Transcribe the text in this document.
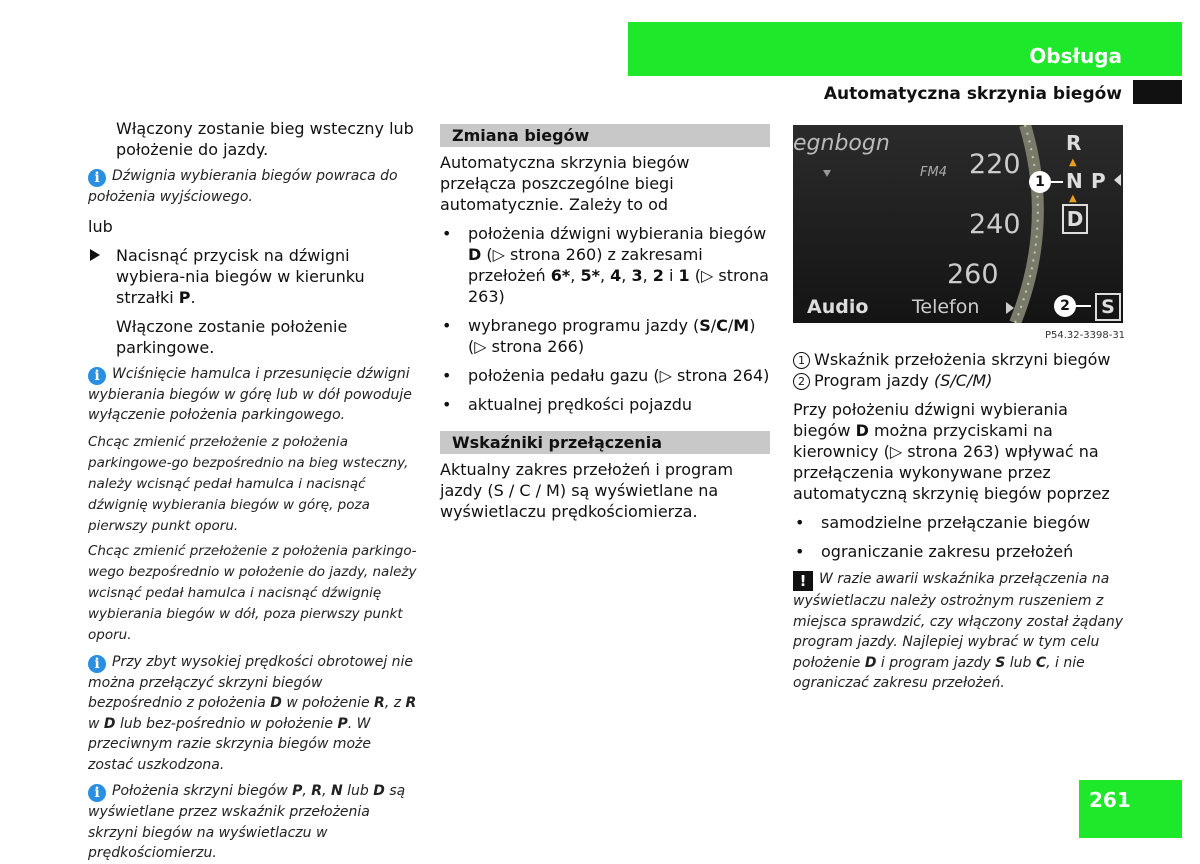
Obsługa
Automatyczna skrzynia biegów
Włączony zostanie bieg wsteczny lub położenie do jazdy.
i Dźwignia wybierania biegów powraca do położenia wyjściowego.
lub
Nacisnąć przycisk na dźwigni wybiera-nia biegów w kierunku strzałki P.
Włączone zostanie położenie parkingowe.
i Wciśnięcie hamulca i przesunięcie dźwigni wybierania biegów w górę lub w dół powoduje wyłączenie położenia parkingowego.
Chcąc zmienić przełożenie z położenia parkingowe-go bezpośrednio na bieg wsteczny, należy wcisnąć pedał hamulca i nacisnąć dźwignię wybierania biegów w górę, poza pierwszy punkt oporu.
Chcąc zmienić przełożenie z położenia parkingo-wego bezpośrednio w położenie do jazdy, należy wcisnąć pedał hamulca i nacisnąć dźwignię wybierania biegów w dół, poza pierwszy punkt oporu.
i Przy zbyt wysokiej prędkości obrotowej nie można przełączyć skrzyni biegów bezpośrednio z położenia D w położenie R, z R w D lub bez-pośrednio w położenie P. W przeciwnym razie skrzynia biegów może zostać uszkodzona.
i Położenia skrzyni biegów P, R, N lub D są wyświetlane przez wskaźnik przełożenia skrzyni biegów na wyświetlaczu w prędkościomierzu.
Zmiana biegów
Automatyczna skrzynia biegów przełącza poszczególne biegi automatycznie. Zależy to od
• położenia dźwigni wybierania biegów D (▷ strona 260) z zakresami przełożeń 6*, 5*, 4, 3, 2 i 1 (▷ strona 263)
• wybranego programu jazdy (S/C/M) (▷ strona 266)
• położenia pedału gazu (▷ strona 264)
• aktualnej prędkości pojazdu
Wskaźniki przełączenia
Aktualny zakres przełożeń i program jazdy (S / C / M) są wyświetlane na wyświetlaczu prędkościomierza.
egnbogn
FM4 220
240
260
R
▲
N P
▲
D
1
2	S
Audio Telefon
P54.32-3398-31
1 Wskaźnik przełożenia skrzyni biegów
2 Program jazdy (S/C/M)
Przy położeniu dźwigni wybierania biegów D można przyciskami na kierownicy (▷ strona 263) wpływać na przełączenia wykonywane przez automatyczną skrzynię biegów poprzez
• samodzielne przełączanie biegów
• ograniczanie zakresu przełożeń
! W razie awarii wskaźnika przełączenia na wyświetlaczu należy ostrożnym ruszeniem z miejsca sprawdzić, czy włączony został żądany program jazdy. Najlepiej wybrać w tym celu położenie D i program jazdy S lub C, i nie ograniczać zakresu przełożeń.
261
